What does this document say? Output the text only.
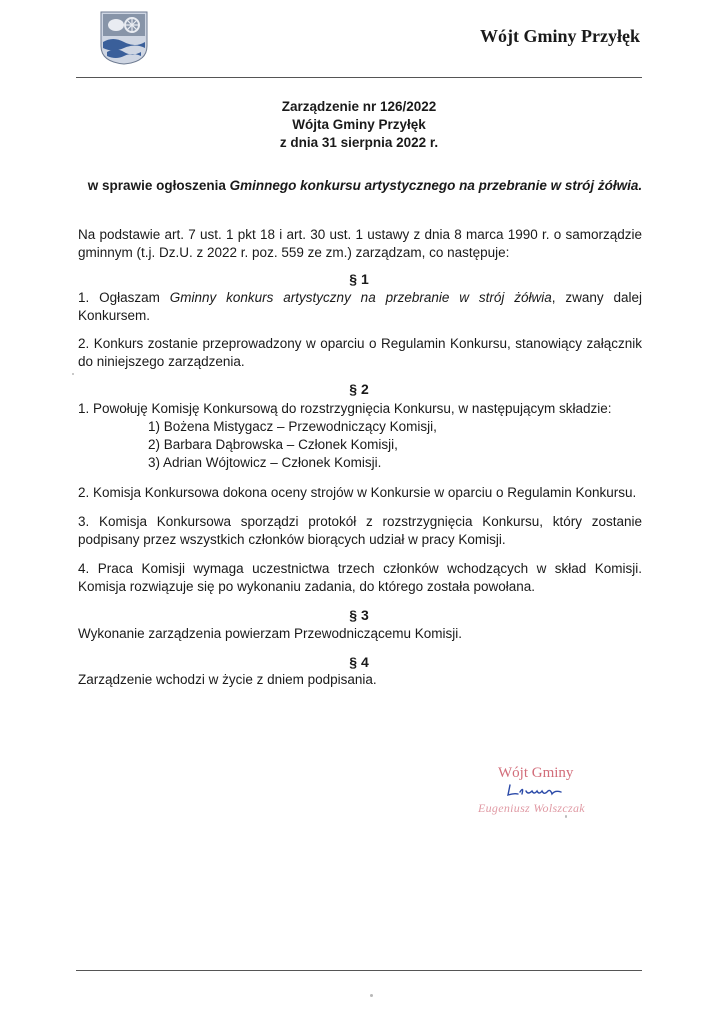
Wójt Gminy Przyłęk
Zarządzenie nr 126/2022
Wójta Gminy Przyłęk
z dnia 31 sierpnia 2022 r.
w sprawie ogłoszenia Gminnego konkursu artystycznego na przebranie w strój żółwia.
Na podstawie art. 7 ust. 1 pkt 18 i art. 30 ust. 1 ustawy z dnia 8 marca 1990 r. o samorządzie gminnym (t.j. Dz.U. z 2022 r. poz. 559 ze zm.) zarządzam, co następuje:
§ 1
1. Ogłaszam Gminny konkurs artystyczny na przebranie w strój żółwia, zwany dalej Konkursem.
2. Konkurs zostanie przeprowadzony w oparciu o Regulamin Konkursu, stanowiący załącznik do niniejszego zarządzenia.
§ 2
1. Powołuję Komisję Konkursową do rozstrzygnięcia Konkursu, w następującym składzie:
1) Bożena Mistygacz – Przewodniczący Komisji,
2) Barbara Dąbrowska – Członek Komisji,
3) Adrian Wójtowicz – Członek Komisji.
2. Komisja Konkursowa dokona oceny strojów w Konkursie w oparciu o Regulamin Konkursu.
3. Komisja Konkursowa sporządzi protokół z rozstrzygnięcia Konkursu, który zostanie podpisany przez wszystkich członków biorących udział w pracy Komisji.
4. Praca Komisji wymaga uczestnictwa trzech członków wchodzących w skład Komisji. Komisja rozwiązuje się po wykonaniu zadania, do którego została powołana.
§ 3
Wykonanie zarządzenia powierzam Przewodniczącemu Komisji.
§ 4
Zarządzenie wchodzi w życie z dniem podpisania.
Wójt Gminy
Eugeniusz Wolszczak
